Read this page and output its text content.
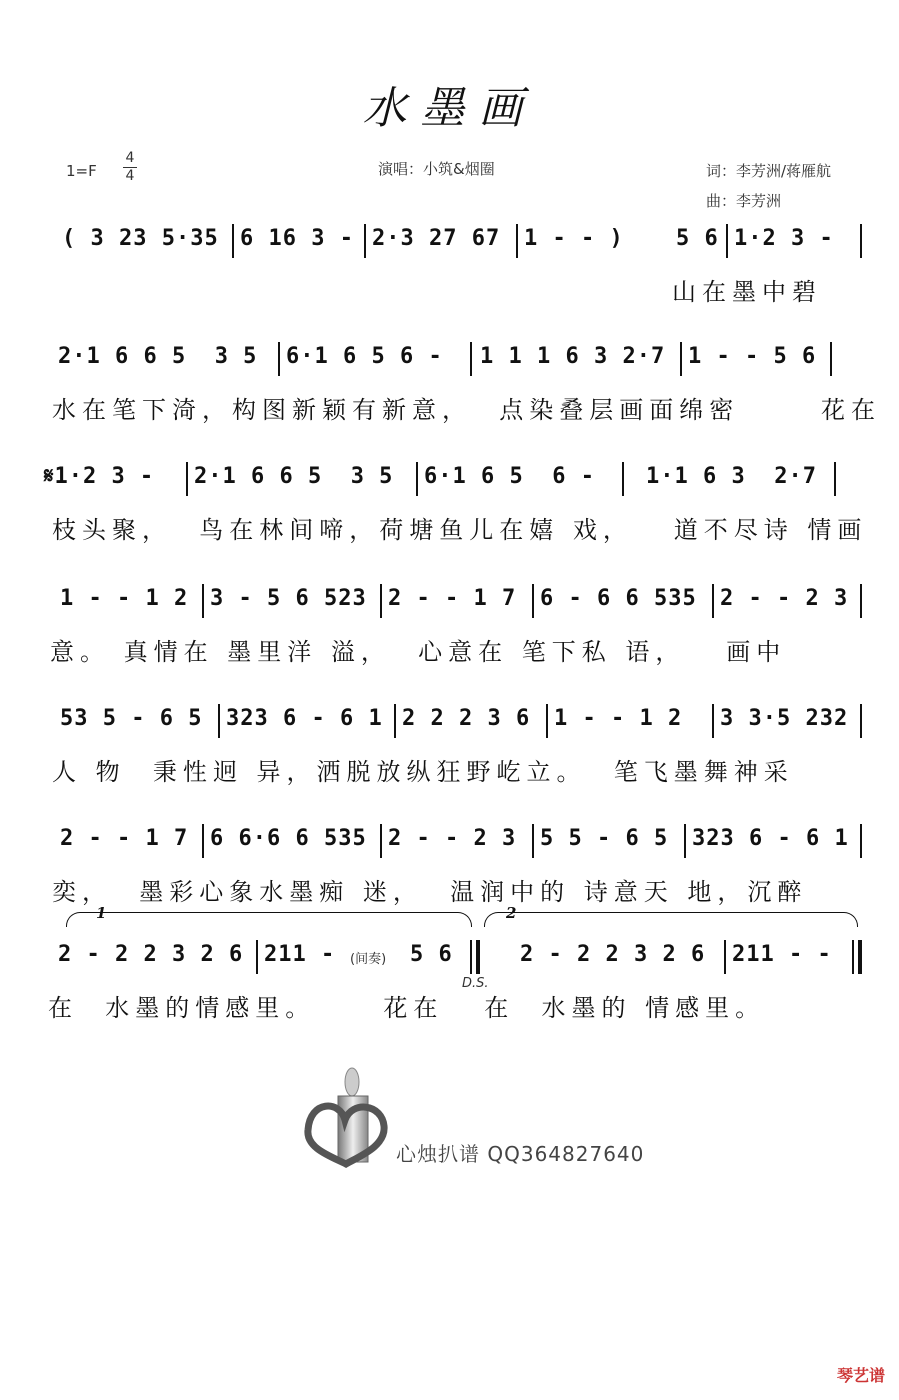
水墨画
1=F
4
4	演唱：小筑&烟圈	词：李芳洲/蒋雁航
曲：李芳洲
( 3 23 5·35 6 16 3 - 2·3 27 67 1 - - ) 5 6 1·2 3 -
山在墨中碧
2·1 6 6 5  3 5 6·1 6 5 6 - 1 1 1 6 3 2·7 1 - - 5 6
水在笔下渏，构图新颖有新意，  点染叠层画面绵密      花在
𝄋1·2 3 - 2·1 6 6 5  3 5 6·1 6 5  6 - 1·1 6 3  2·7
枝头聚，  鸟在林间啼，荷塘鱼儿在嬉 戏，   道不尽诗 情画
1 - - 1 2 3 - 5 6 523 2 - - 1 7 6 - 6 6 535 2 - - 2 3
意。 真情在 墨里洋 溢，  心意在 笔下私 语，   画中
53 5 - 6 5 323 6 - 6 1 2 2 2 3 6 1 - - 1 2 3 3·5 232
人 物  秉性迥 异，洒脱放纵狂野屹立。  笔飞墨舞神采
2 - - 1 7 6 6·6 6 535 2 - - 2 3 5 5 - 6 5 323 6 - 6 1
奕，  墨彩心象水墨痴 迷，  温润中的 诗意天 地，沉醉
1	2
2 - 2 2 3 2 6 211 - (间奏) 5 6	2 - 2 2 3 2 6 211 - -
D.S.
在  水墨的情感里。     花在   在  水墨的 情感里。
心烛扒谱 QQ364827640
琴艺谱
